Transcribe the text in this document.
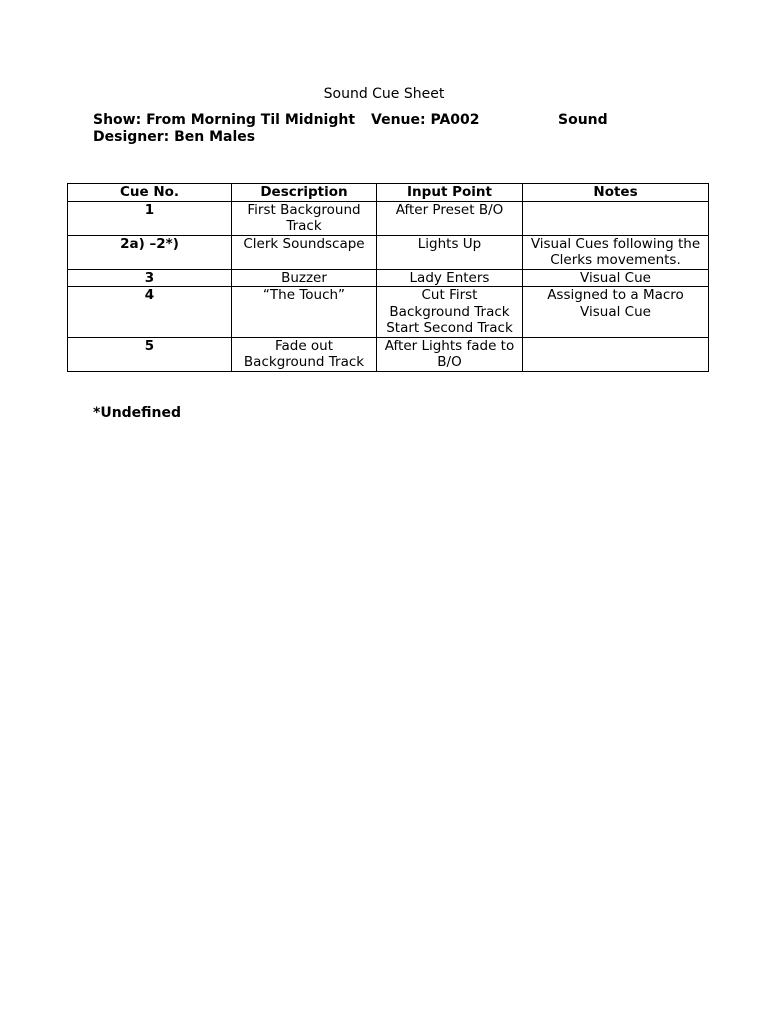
Sound Cue Sheet
Show: From Morning Til Midnight Venue: PA002	Sound
Designer: Ben Males
Cue No.	Description	Input Point	Notes
1	First Background Track	After Preset B/O	
2a) –2*)	Clerk Soundscape	Lights Up	Visual Cues following the Clerks movements.
3	Buzzer	Lady Enters	Visual Cue
4	“The Touch”	Cut First Background Track Start Second Track	Assigned to a Macro Visual Cue
5	Fade out Background Track	After Lights fade to B/O	
*Undefined
